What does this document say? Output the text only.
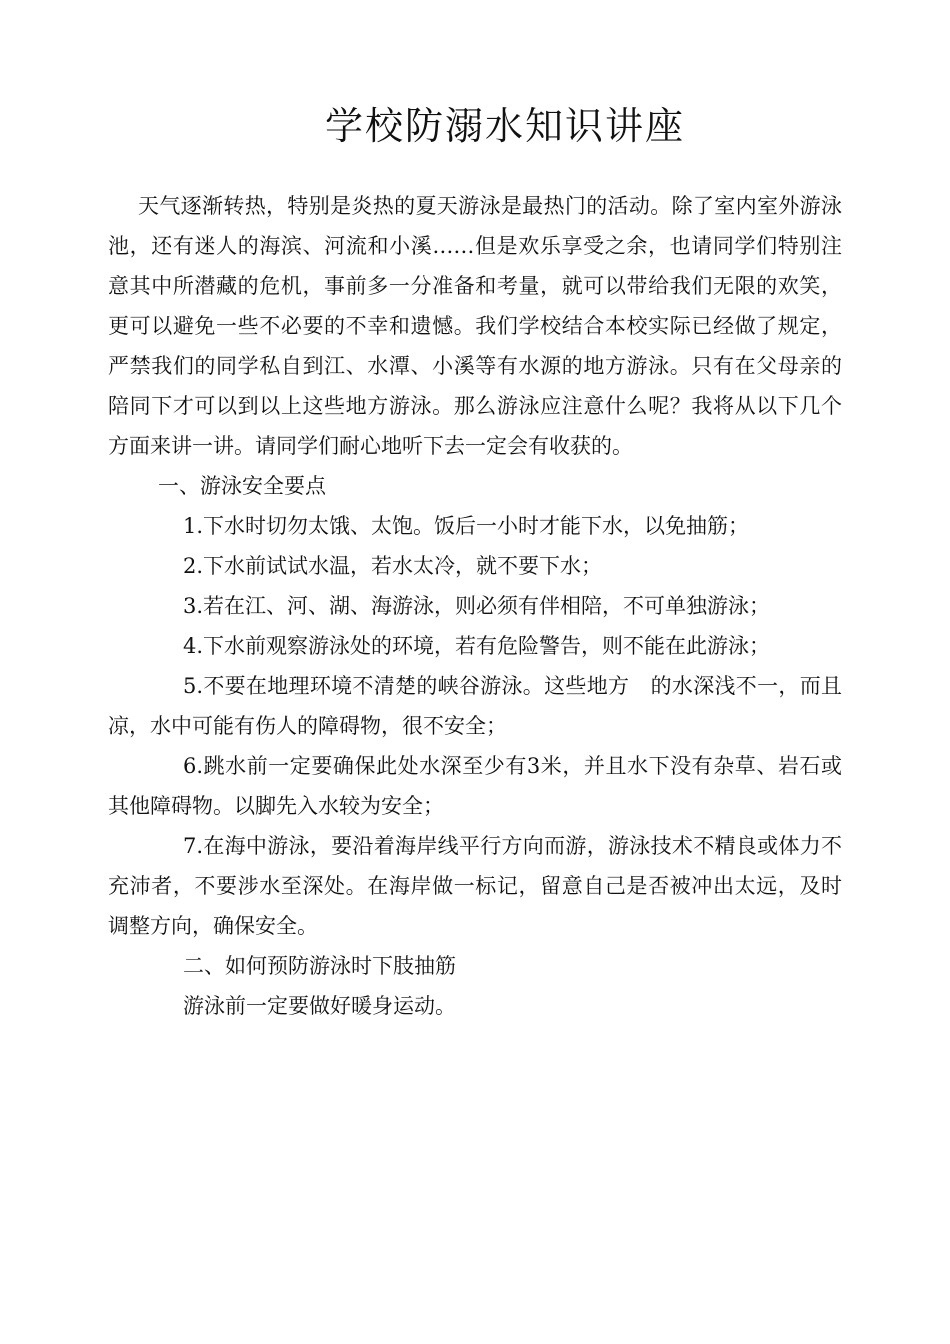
学校防溺水知识讲座

天气逐渐转热，特别是炎热的夏天游泳是最热门的活动。除了室内室外游泳池，还有迷人的海滨、河流和小溪……但是欢乐享受之余，也请同学们特别注意其中所潜藏的危机，事前多一分准备和考量，就可以带给我们无限的欢笑，更可以避免一些不必要的不幸和遗憾。我们学校结合本校实际已经做了规定，严禁我们的同学私自到江、水潭、小溪等有水源的地方游泳。只有在父母亲的陪同下才可以到以上这些地方游泳。那么游泳应注意什么呢？我将从以下几个方面来讲一讲。请同学们耐心地听下去一定会有收获的。

一、游泳安全要点

1.下水时切勿太饿、太饱。饭后一小时才能下水，以免抽筋；

2.下水前试试水温，若水太冷，就不要下水；

3.若在江、河、湖、海游泳，则必须有伴相陪，不可单独游泳；

4.下水前观察游泳处的环境，若有危险警告，则不能在此游泳；

5.不要在地理环境不清楚的峡谷游泳。这些地方　的水深浅不一，而且凉，水中可能有伤人的障碍物，很不安全；

6.跳水前一定要确保此处水深至少有3米，并且水下没有杂草、岩石或其他障碍物。以脚先入水较为安全；

7.在海中游泳，要沿着海岸线平行方向而游，游泳技术不精良或体力不充沛者，不要涉水至深处。在海岸做一标记，留意自己是否被冲出太远，及时调整方向，确保安全。

二、如何预防游泳时下肢抽筋

游泳前一定要做好暖身运动。
